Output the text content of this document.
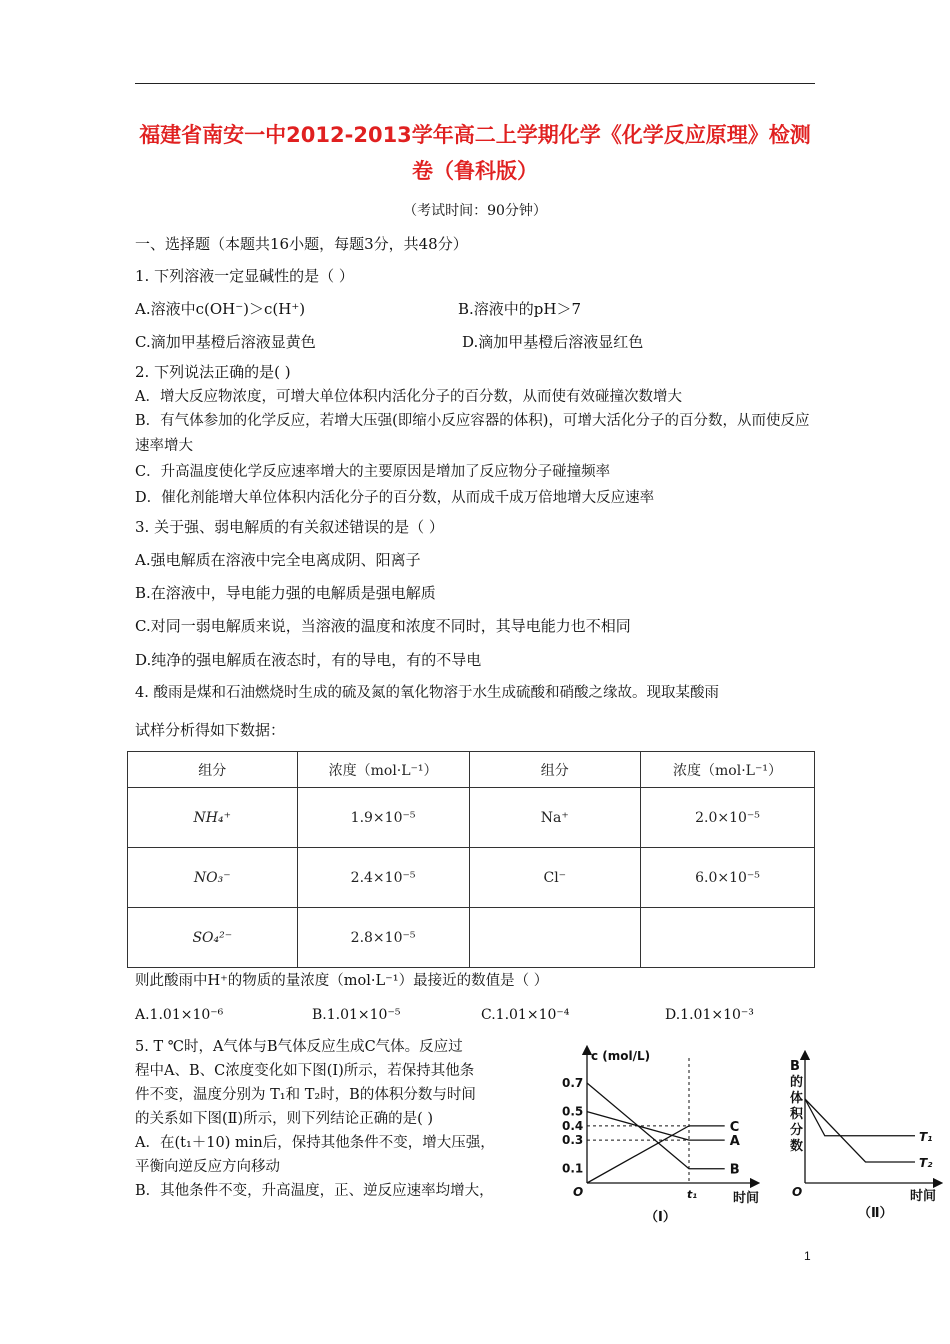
福建省南安一中2012-2013学年高二上学期化学《化学反应原理》检测
卷（鲁科版）
（考试时间：90分钟）
一、选择题（本题共16小题，每题3分，共48分）
1. 下列溶液一定显碱性的是（ ）
A.溶液中c(OH⁻)＞c(H⁺)	B.溶液中的pH＞7
C.滴加甲基橙后溶液显黄色	D.滴加甲基橙后溶液显红色
2. 下列说法正确的是( )
A．增大反应物浓度，可增大单位体积内活化分子的百分数，从而使有效碰撞次数增大
B．有气体参加的化学反应，若增大压强(即缩小反应容器的体积)，可增大活化分子的百分数，从而使反应速率增大
C．升高温度使化学反应速率增大的主要原因是增加了反应物分子碰撞频率
D．催化剂能增大单位体积内活化分子的百分数，从而成千成万倍地增大反应速率
3. 关于强、弱电解质的有关叙述错误的是（ ）
A.强电解质在溶液中完全电离成阴、阳离子
B.在溶液中，导电能力强的电解质是强电解质
C.对同一弱电解质来说，当溶液的温度和浓度不同时，其导电能力也不相同
D.纯净的强电解质在液态时，有的导电，有的不导电
4. 酸雨是煤和石油燃烧时生成的硫及氮的氧化物溶于水生成硫酸和硝酸之缘故。现取某酸雨
试样分析得如下数据：
组分	浓度（mol·L⁻¹）	组分	浓度（mol·L⁻¹）
NH₄⁺	1.9×10⁻⁵	Na⁺	2.0×10⁻⁵
NO₃⁻	2.4×10⁻⁵	Cl⁻	6.0×10⁻⁵
SO₄²⁻	2.8×10⁻⁵		
则此酸雨中H⁺的物质的量浓度（mol·L⁻¹）最接近的数值是（ ）
A.1.01×10⁻⁶	B.1.01×10⁻⁵	C.1.01×10⁻⁴	D.1.01×10⁻³
5. T ℃时，A气体与B气体反应生成C气体。反应过
程中A、B、C浓度变化如下图(Ⅰ)所示，若保持其他条
件不变，温度分别为 T₁和 T₂时，B的体积分数与时间
的关系如下图(Ⅱ)所示，则下列结论正确的是( )
A．在(t₁＋10) min后，保持其他条件不变，增大压强，
平衡向逆反应方向移动
B．其他条件不变，升高温度，正、逆反应速率均增大，
c (mol/L)
时间
O	t₁
0.7
0.5
0.4
0.3
0.1
A
B
C
（Ⅰ）
B 的体积分数
时间
O
T₁
T₂
（Ⅱ）
1
